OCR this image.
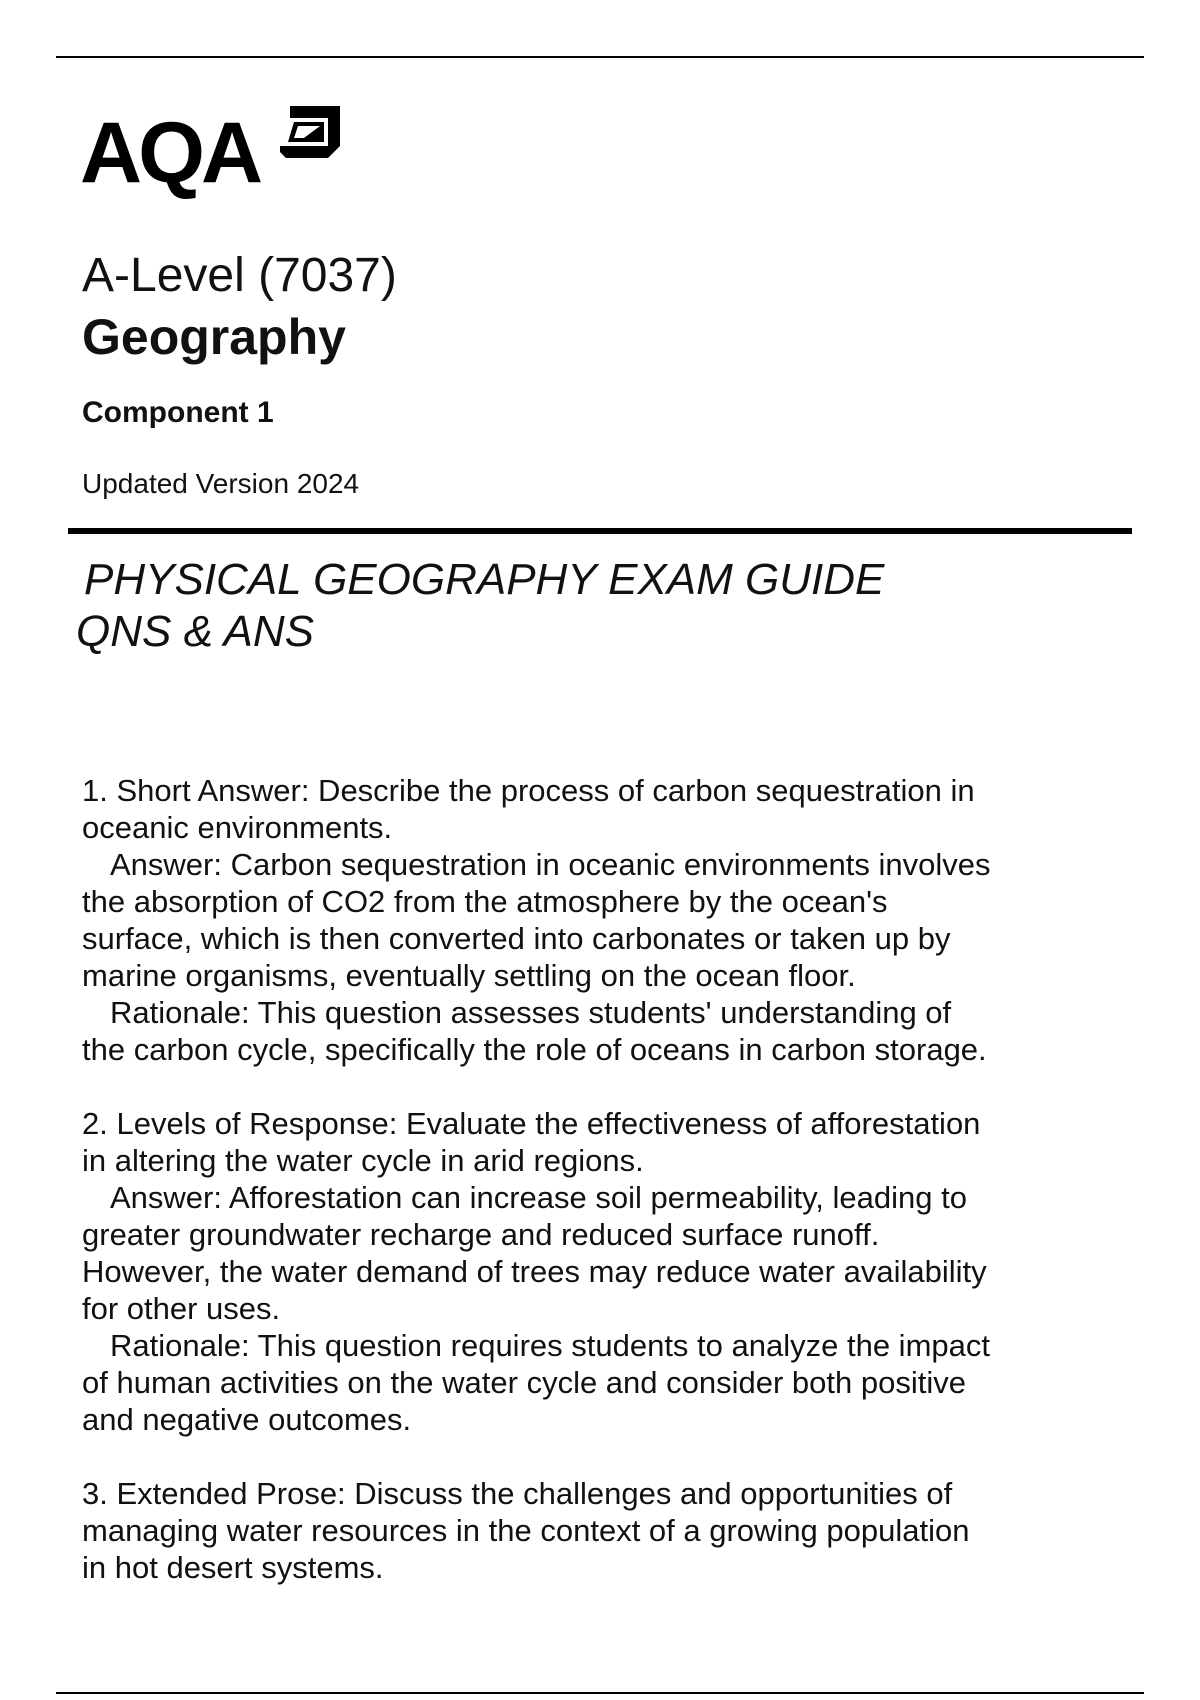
AQA
A-Level (7037)
Geography
Component 1
Updated Version 2024
PHYSICAL GEOGRAPHY EXAM GUIDE
QNS & ANS

1. Short Answer: Describe the process of carbon sequestration in oceanic environments.

Answer: Carbon sequestration in oceanic environments involves the absorption of CO2 from the atmosphere by the ocean's surface, which is then converted into carbonates or taken up by marine organisms, eventually settling on the ocean floor.

Rationale: This question assesses students' understanding of the carbon cycle, specifically the role of oceans in carbon storage.

2. Levels of Response: Evaluate the effectiveness of afforestation in altering the water cycle in arid regions.

Answer: Afforestation can increase soil permeability, leading to greater groundwater recharge and reduced surface runoff. However, the water demand of trees may reduce water availability for other uses.

Rationale: This question requires students to analyze the impact of human activities on the water cycle and consider both positive and negative outcomes.

3. Extended Prose: Discuss the challenges and opportunities of managing water resources in the context of a growing population in hot desert systems.
